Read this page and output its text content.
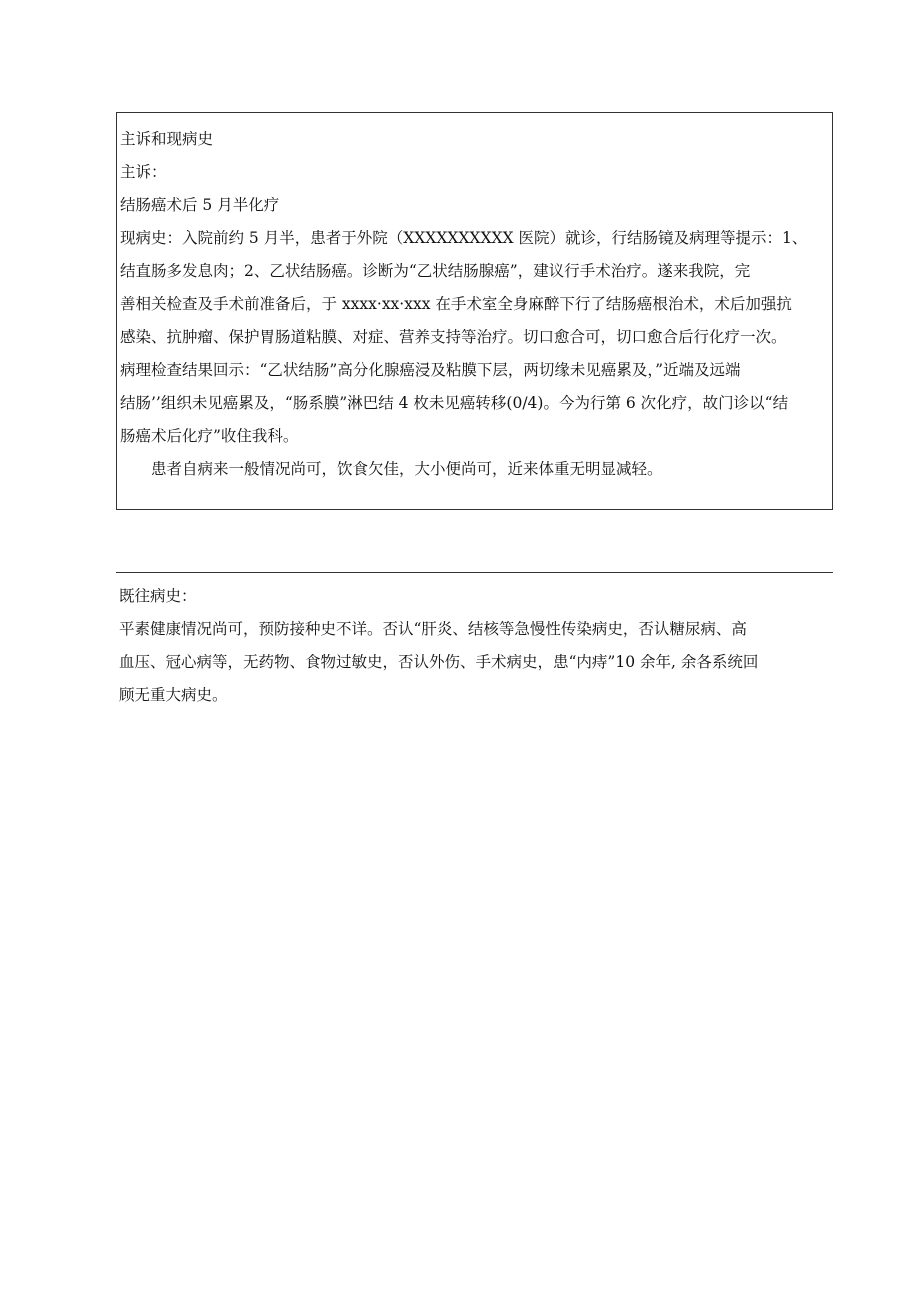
主诉和现病史
主诉：
结肠癌术后 5 月半化疗
现病史：入院前约 5 月半，患者于外院（XXXXXXXXXX 医院）就诊，行结肠镜及病理等提示：1、
结直肠多发息肉；2、乙状结肠癌。诊断为“乙状结肠腺癌”，建议行手术治疗。遂来我院，完
善相关检查及手术前准备后，于 xxxx·xx·xxx 在手术室全身麻醉下行了结肠癌根治术，术后加强抗
感染、抗肿瘤、保护胃肠道粘膜、对症、营养支持等治疗。切口愈合可，切口愈合后行化疗一次。
病理检查结果回示：“乙状结肠”高分化腺癌浸及粘膜下层，两切缘未见癌累及，”近端及远端
结肠’’组织未见癌累及，“肠系膜”淋巴结 4 枚未见癌转移(0/4)。今为行第 6 次化疗，故门诊以“结
肠癌术后化疗”收住我科。
患者自病来一般情况尚可，饮食欠佳，大小便尚可，近来体重无明显减轻。
既往病史：
平素健康情况尚可，预防接种史不详。否认“肝炎、结核等急慢性传染病史，否认糖尿病、高
血压、冠心病等，无药物、食物过敏史，否认外伤、手术病史，患“内痔”10 余年, 余各系统回
顾无重大病史。
